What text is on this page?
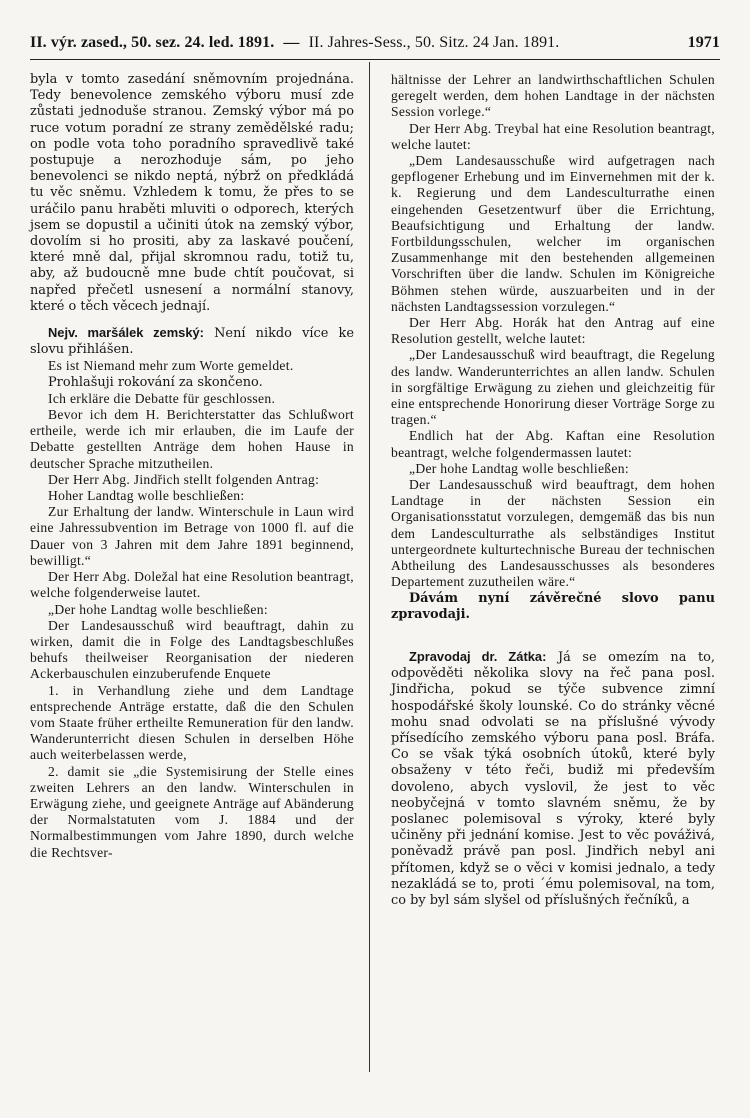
II. výr. zased., 50. sez. 24. led. 1891. — II. Jahres-Sess., 50. Sitz. 24 Jan. 1891.	1971

byla v tomto zasedání sněmovním projednána. Tedy benevolence zemského výboru musí zde zůstati jednoduše stranou. Zemský výbor má po ruce votum poradní ze strany zemědělské radu; on podle vota toho poradního spravedlivě také postupuje a nerozhoduje sám, po jeho benevolenci se nikdo neptá, nýbrž on předkládá tu věc sněmu. Vzhledem k tomu, že přes to se uráčilo panu hraběti mluviti o odporech, kterých jsem se dopustil a učiniti útok na zemský výbor, dovolím si ho prositi, aby za laskavé poučení, které mně dal, přijal skromnou radu, totiž tu, aby, až budoucně mne bude chtít poučovat, si napřed přečetl usnesení a normální stanovy, které o těch věcech jednají.

Nejv. maršálek zemský: Není nikdo více ke slovu přihlášen.

Es ist Niemand mehr zum Worte gemeldet.

Prohlašuji rokování za skončeno.

Ich erkläre die Debatte für geschlossen.

Bevor ich dem H. Berichterstatter das Schlußwort ertheile, werde ich mir erlauben, die im Laufe der Debatte gestellten Anträge dem hohen Hause in deutscher Sprache mitzutheilen.

Der Herr Abg. Jindřich stellt folgenden Antrag:

Hoher Landtag wolle beschließen:

Zur Erhaltung der landw. Winterschule in Laun wird eine Jahressubvention im Betrage von 1000 fl. auf die Dauer von 3 Jahren mit dem Jahre 1891 beginnend, bewilligt.“

Der Herr Abg. Doležal hat eine Resolution beantragt, welche folgenderweise lautet.

„Der hohe Landtag wolle beschließen:

Der Landesausschuß wird beauftragt, dahin zu wirken, damit die in Folge des Landtagsbeschlußes behufs theilweiser Reorganisation der niederen Ackerbauschulen einzuberufende Enquete

1. in Verhandlung ziehe und dem Landtage entsprechende Anträge erstatte, daß die den Schulen vom Staate früher ertheilte Remuneration für den landw. Wanderunterricht diesen Schulen in derselben Höhe auch weiterbelassen werde,

2. damit sie „die Systemisirung der Stelle eines zweiten Lehrers an den landw. Winterschulen in Erwägung ziehe, und geeignete Anträge auf Abänderung der Normalstatuten vom J. 1884 und der Normalbestimmungen vom Jahre 1890, durch welche die Rechtsver-

hältnisse der Lehrer an landwirthschaftlichen Schulen geregelt werden, dem hohen Landtage in der nächsten Session vorlege.“

Der Herr Abg. Treybal hat eine Resolution beantragt, welche lautet:

„Dem Landesausschuße wird aufgetragen nach gepflogener Erhebung und im Einvernehmen mit der k. k. Regierung und dem Landesculturrathe einen eingehenden Gesetzentwurf über die Errichtung, Beaufsichtigung und Erhaltung der landw. Fortbildungsschulen, welcher im organischen Zusammenhange mit den bestehenden allgemeinen Vorschriften über die landw. Schulen im Königreiche Böhmen stehen würde, auszuarbeiten und in der nächsten Landtagssession vorzulegen.“

Der Herr Abg. Horák hat den Antrag auf eine Resolution gestellt, welche lautet:

„Der Landesausschuß wird beauftragt, die Regelung des landw. Wanderunterrichtes an allen landw. Schulen in sorgfältige Erwägung zu ziehen und gleichzeitig für eine entsprechende Honorirung dieser Vorträge Sorge zu tragen.“

Endlich hat der Abg. Kaftan eine Resolution beantragt, welche folgendermassen lautet:

„Der hohe Landtag wolle beschließen:

Der Landesausschuß wird beauftragt, dem hohen Landtage in der nächsten Session ein Organisationsstatut vorzulegen, demgemäß das bis nun dem Landesculturrathe als selbständiges Institut untergeordnete kulturtechnische Bureau der technischen Abtheilung des Landesausschusses als besonderes Departement zuzutheilen wäre.“

Dávám nyní závěrečné slovo panu zpravodaji.

Zpravodaj dr. Zátka: Já se omezím na to, odpověděti několika slovy na řeč pana posl. Jindřicha, pokud se týče subvence zimní hospodářské školy lounské. Co do stránky věcné mohu snad odvolati se na příslušné vývody přísedícího zemského výboru pana posl. Bráfa. Co se však týká osobních útoků, které byly obsaženy v této řeči, budiž mi především dovoleno, abych vyslovil, že jest to věc neobyčejná v tomto slavném sněmu, že by poslanec polemisoval s výroky, které byly učiněny při jednání komise. Jest to věc pováživá, poněvadž právě pan posl. Jindřich nebyl ani přítomen, když se o věci v komisi jednalo, a tedy nezakládá se to, proti ´ému polemisoval, na tom, co by byl sám slyšel od příslušných řečníků, a
